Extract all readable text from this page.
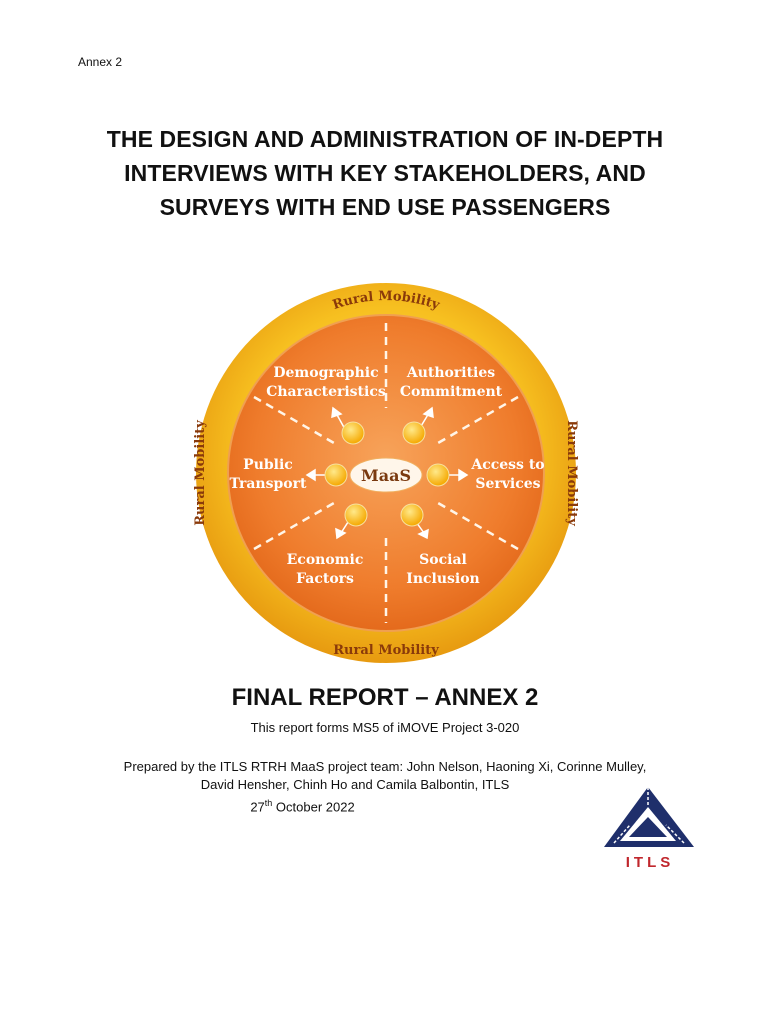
Annex 2
THE DESIGN AND ADMINISTRATION OF IN-DEPTH
INTERVIEWS WITH KEY STAKEHOLDERS, AND
SURVEYS WITH END USE PASSENGERS
Rural Mobility
Rural Mobility
Rural Mobility	Rural Mobility
Demographic
Characteristics
Authorities
Commitment
Public
Transport
Access to
Services
Economic
Factors
Social
Inclusion
MaaS
FINAL REPORT – ANNEX 2
This report forms MS5 of iMOVE Project 3-020
Prepared by the ITLS RTRH MaaS project team: John Nelson, Haoning Xi, Corinne Mulley,
David Hensher, Chinh Ho and Camila Balbontin, ITLS
27th October 2022
ITLS
